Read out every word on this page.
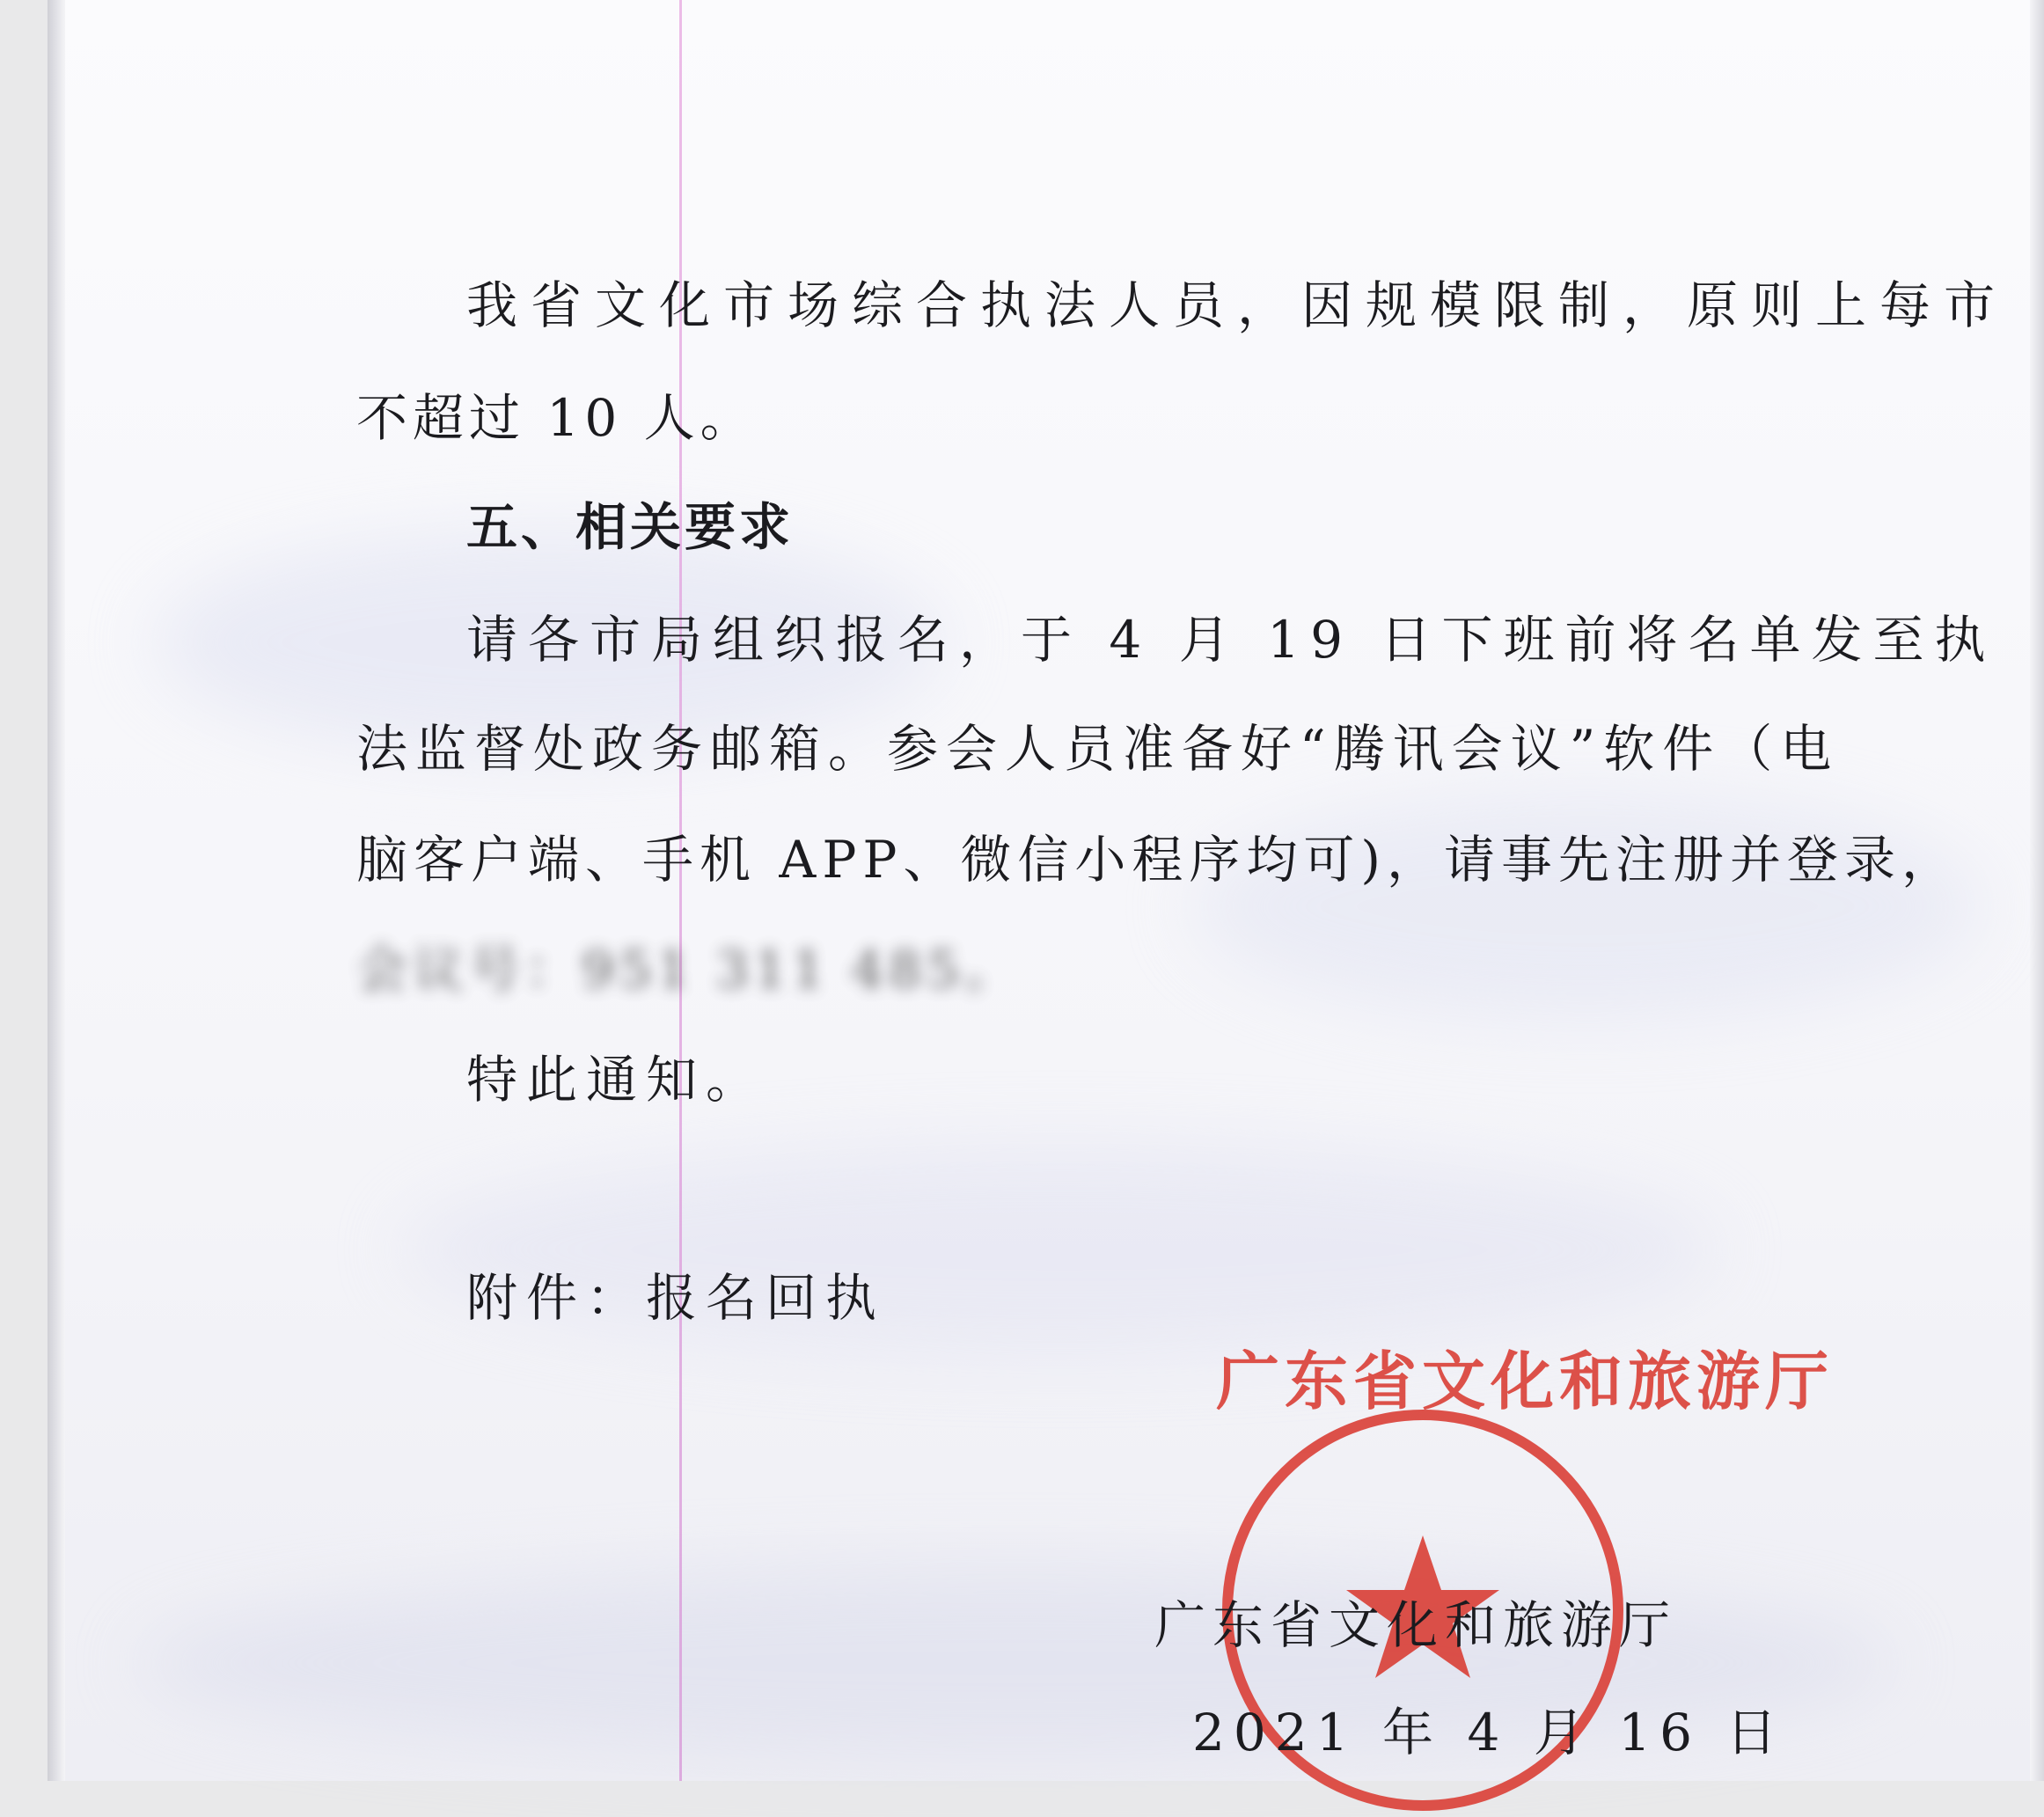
我省文化市场综合执法人员，因规模限制，原则上每市
不超过 10 人。
五、相关要求
请各市局组织报名，于 4 月 19 日下班前将名单发至执
法监督处政务邮箱。参会人员准备好“腾讯会议”软件（电
脑客户端、手机 APP、微信小程序均可)，请事先注册并登录，
会议号：951 311 485。
特此通知。
附件：报名回执
广东省文化和旅游厅
广东省文化和旅游厅
2021 年 4 月 16 日
